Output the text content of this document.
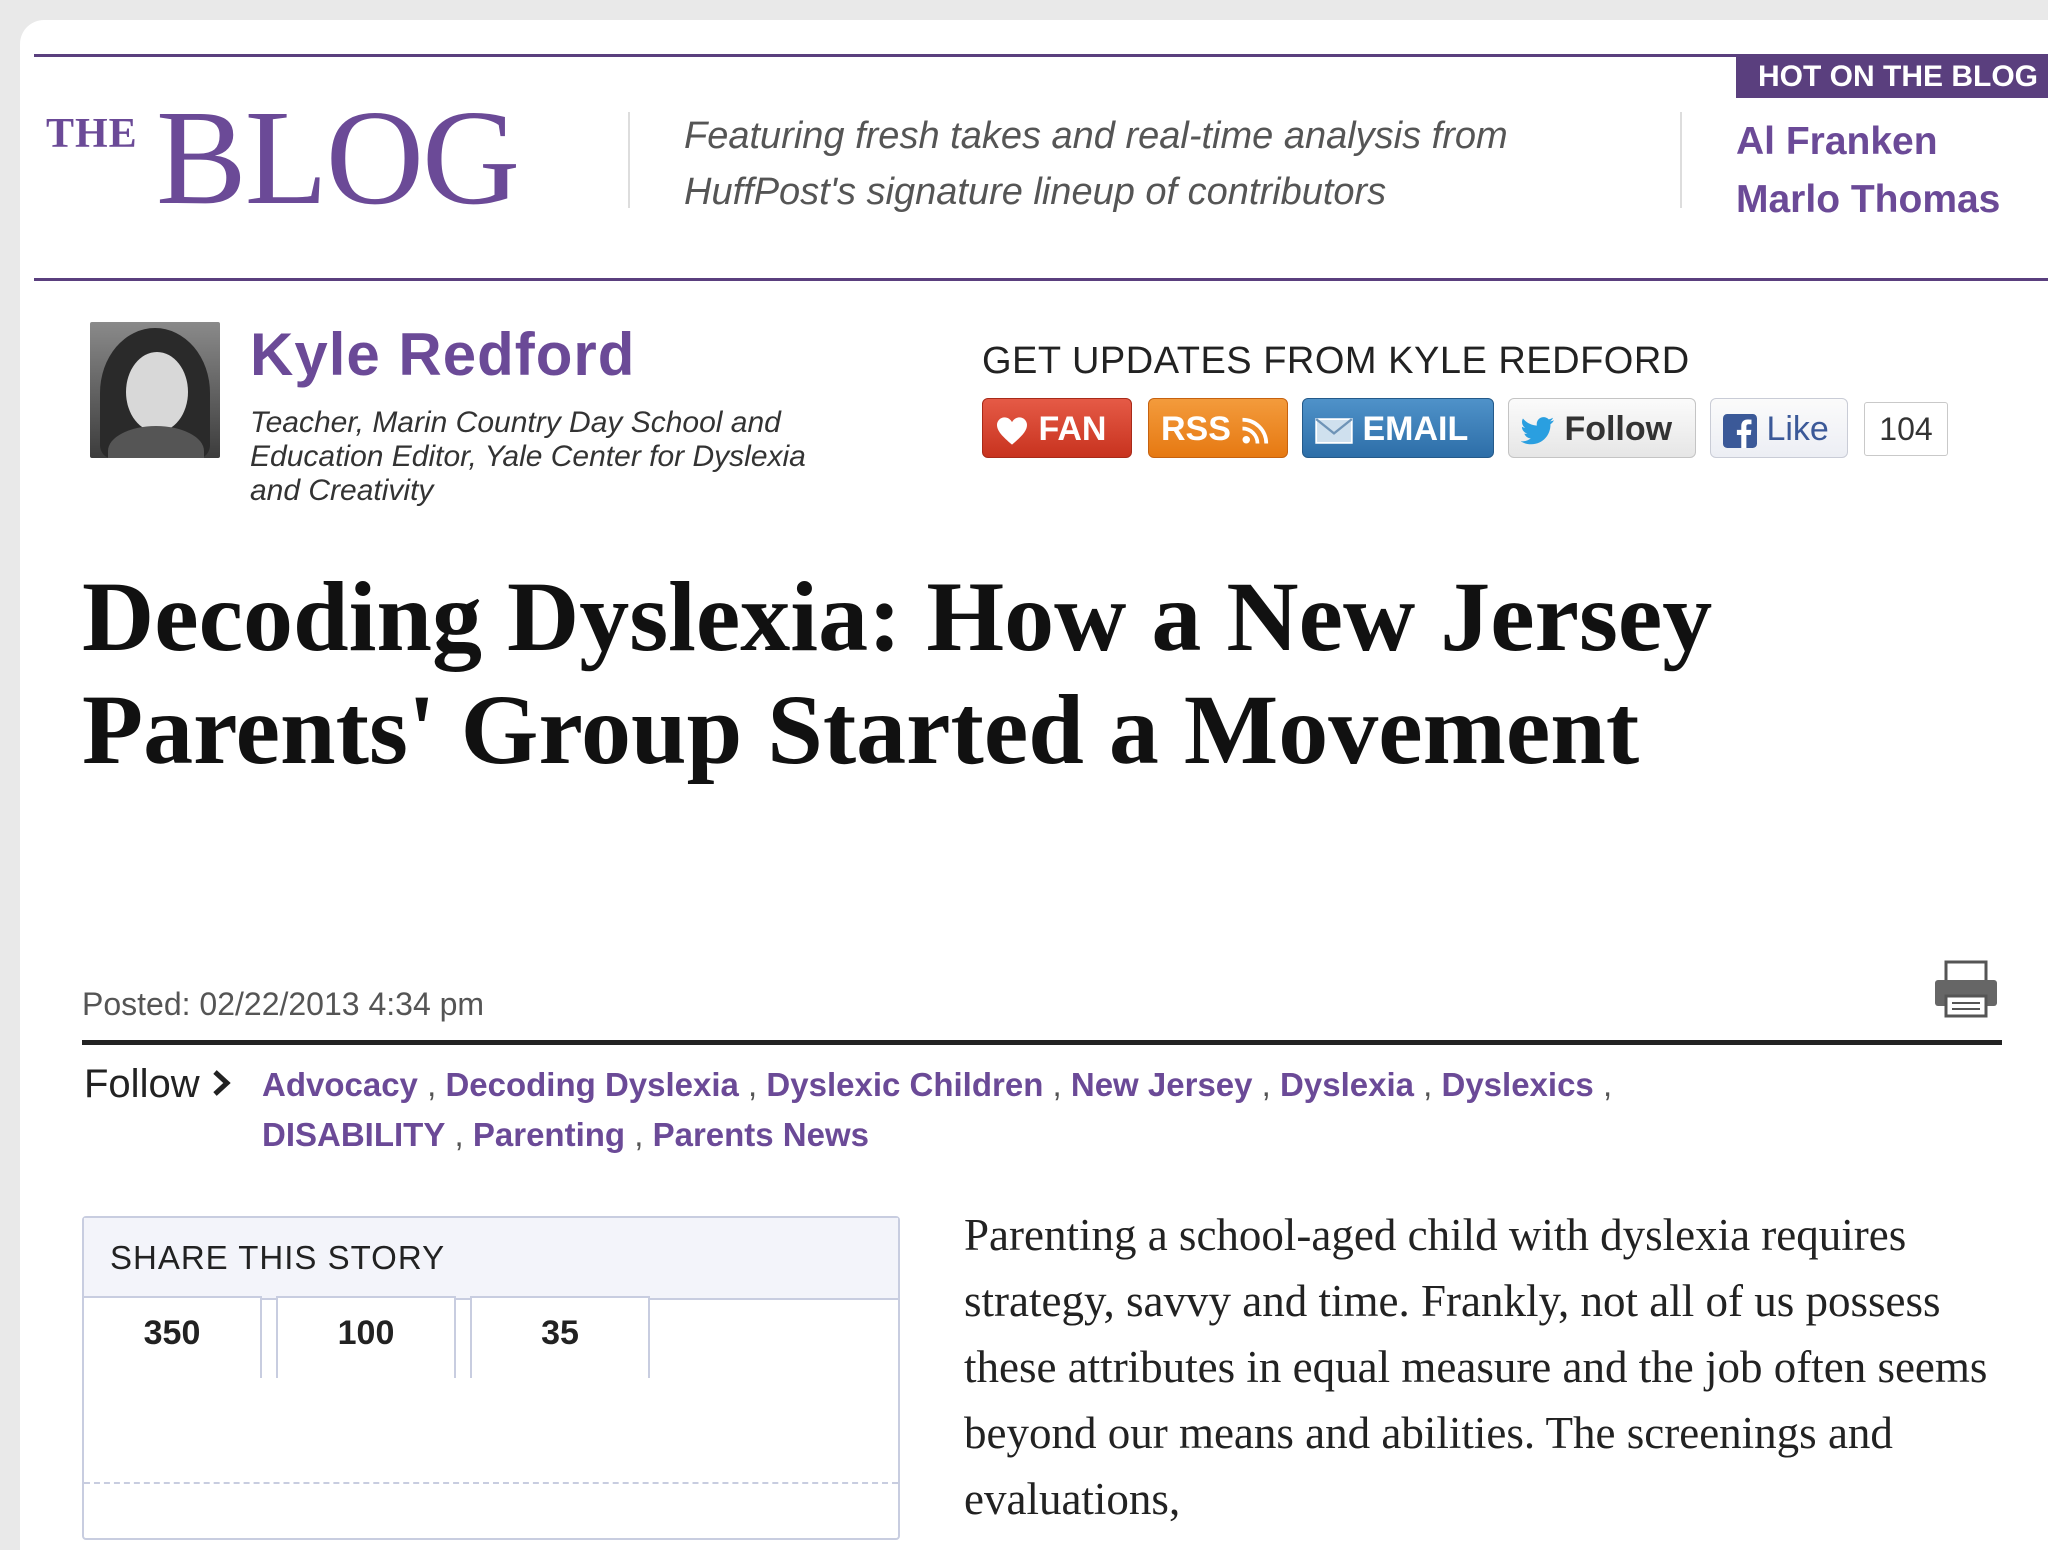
THE BLOG	Featuring fresh takes and real-time analysis from HuffPost's signature lineup of contributors
HOT ON THE BLOG
Al Franken
Marlo Thomas
Kyle Redford
Teacher, Marin Country Day School and Education Editor, Yale Center for Dyslexia and Creativity
GET UPDATES FROM KYLE REDFORD
FAN	RSS	EMAIL	Follow	Like	104
Decoding Dyslexia: How a New Jersey Parents' Group Started a Movement
Posted: 02/22/2013 4:34 pm
Follow	Advocacy , Decoding Dyslexia , Dyslexic Children , New Jersey , Dyslexia , Dyslexics ,
DISABILITY , Parenting , Parents News
SHARE THIS STORY
350	100	35
Parenting a school-aged child with dyslexia requires strategy, savvy and time. Frankly, not all of us possess these attributes in equal measure and the job often seems beyond our means and abilities. The screenings and evaluations,
